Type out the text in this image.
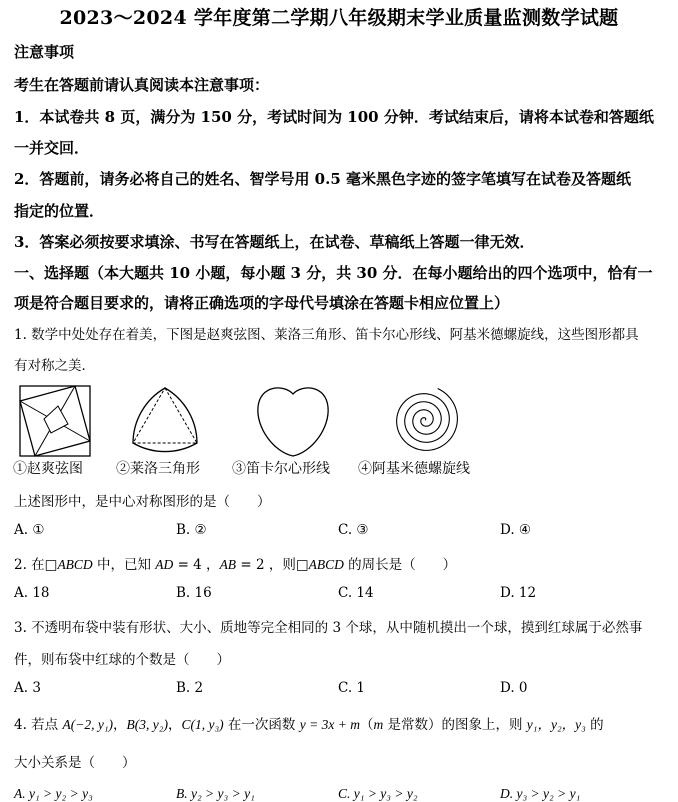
2023～2024 学年度第二学期八年级期末学业质量监测数学试题
注意事项
考生在答题前请认真阅读本注意事项：
1．本试卷共 8 页，满分为 150 分，考试时间为 100 分钟．考试结束后，请将本试卷和答题纸
一并交回．
2．答题前，请务必将自己的姓名、智学号用 0.5 毫米黑色字迹的签字笔填写在试卷及答题纸
指定的位置．
3．答案必须按要求填涂、书写在答题纸上，在试卷、草稿纸上答题一律无效．
一、选择题（本大题共 10 小题，每小题 3 分，共 30 分．在每小题给出的四个选项中，恰有一
项是符合题目要求的，请将正确选项的字母代号填涂在答题卡相应位置上）
1. 数学中处处存在着美，下图是赵爽弦图、莱洛三角形、笛卡尔心形线、阿基米德螺旋线，这些图形都具
有对称之美．
①赵爽弦图 ②莱洛三角形 ③笛卡尔心形线 ④阿基米德螺旋线
上述图形中，是中心对称图形的是（　　）
A. ①	B. ②	C. ③	D. ④
2. 在□ABCD 中，已知 AD = 4 ，AB = 2 ，则□ABCD 的周长是（　　）
A. 18	B. 16	C. 14	D. 12
3. 不透明布袋中装有形状、大小、质地等完全相同的 3 个球，从中随机摸出一个球，摸到红球属于必然事
件，则布袋中红球的个数是（　　）
A. 3	B. 2	C. 1	D. 0
4. 若点 A(−2, y₁)，B(3, y₂)，C(1, y₃) 在一次函数 y = 3x + m（m 是常数）的图象上，则 y₁，y₂，y₃ 的
大小关系是（　　）
A. y₁ > y₂ > y₃	B. y₂ > y₃ > y₁	C. y₁ > y₃ > y₂	D. y₃ > y₂ > y₁
